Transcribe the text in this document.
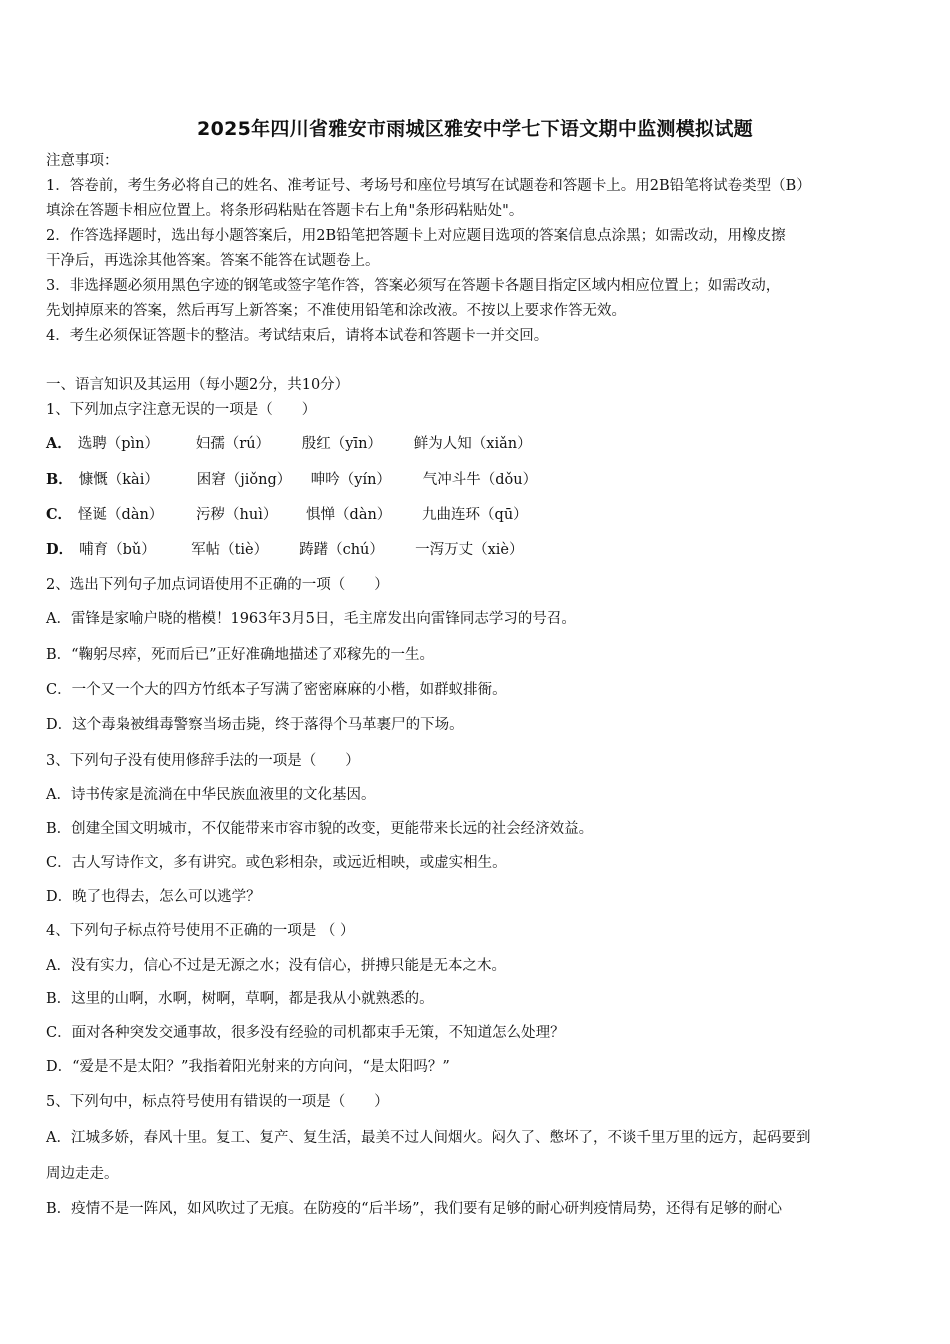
2025年四川省雅安市雨城区雅安中学七下语文期中监测模拟试题
注意事项：
1．答卷前，考生务必将自己的姓名、准考证号、考场号和座位号填写在试题卷和答题卡上。用2B铅笔将试卷类型（B）
填涂在答题卡相应位置上。将条形码粘贴在答题卡右上角"条形码粘贴处"。
2．作答选择题时，选出每小题答案后，用2B铅笔把答题卡上对应题目选项的答案信息点涂黑；如需改动，用橡皮擦
干净后，再选涂其他答案。答案不能答在试题卷上。
3．非选择题必须用黑色字迹的钢笔或签字笔作答，答案必须写在答题卡各题目指定区域内相应位置上；如需改动，
先划掉原来的答案，然后再写上新答案；不准使用铅笔和涂改液。不按以上要求作答无效。
4．考生必须保证答题卡的整洁。考试结束后，请将本试卷和答题卡一并交回。
一、语言知识及其运用（每小题2分，共10分）
1、下列加点字注意无误的一项是（　　）
A． 选聘（pìn）	妇孺（rú） 殷红（yīn） 鲜为人知（xiǎn）
B． 慷慨（kài）	困窘（jiǒng） 呻吟（yín） 气冲斗牛（dǒu）
C． 怪诞（dàn） 污秽（huì） 惧惮（dàn） 九曲连环（qū）
D． 哺育（bǔ） 军帖（tiè） 踌躇（chú） 一泻万丈（xiè）
2、选出下列句子加点词语使用不正确的一项（　　）
A．雷锋是家喻户晓的楷模！1963年3月5日，毛主席发出向雷锋同志学习的号召。
B．“鞠躬尽瘁，死而后已”正好准确地描述了邓稼先的一生。
C．一个又一个大的四方竹纸本子写满了密密麻麻的小楷，如群蚁排衙。
D．这个毒枭被缉毒警察当场击毙，终于落得个马革裹尸的下场。
3、下列句子没有使用修辞手法的一项是（　　）
A．诗书传家是流淌在中华民族血液里的文化基因。
B．创建全国文明城市，不仅能带来市容市貌的改变，更能带来长远的社会经济效益。
C．古人写诗作文，多有讲究。或色彩相杂，或远近相映，或虚实相生。
D．晚了也得去，怎么可以逃学？
4、下列句子标点符号使用不正确的一项是 （ ）
A．没有实力，信心不过是无源之水；没有信心，拼搏只能是无本之木。
B．这里的山啊，水啊，树啊，草啊，都是我从小就熟悉的。
C．面对各种突发交通事故，很多没有经验的司机都束手无策，不知道怎么处理？
D．“爱是不是太阳？”我指着阳光射来的方向问，“是太阳吗？”
5、下列句中，标点符号使用有错误的一项是（　　）
A．江城多娇，春风十里。复工、复产、复生活，最美不过人间烟火。闷久了、憋坏了，不谈千里万里的远方，起码要到
周边走走。
B．疫情不是一阵风，如风吹过了无痕。在防疫的“后半场”，我们要有足够的耐心研判疫情局势，还得有足够的耐心
